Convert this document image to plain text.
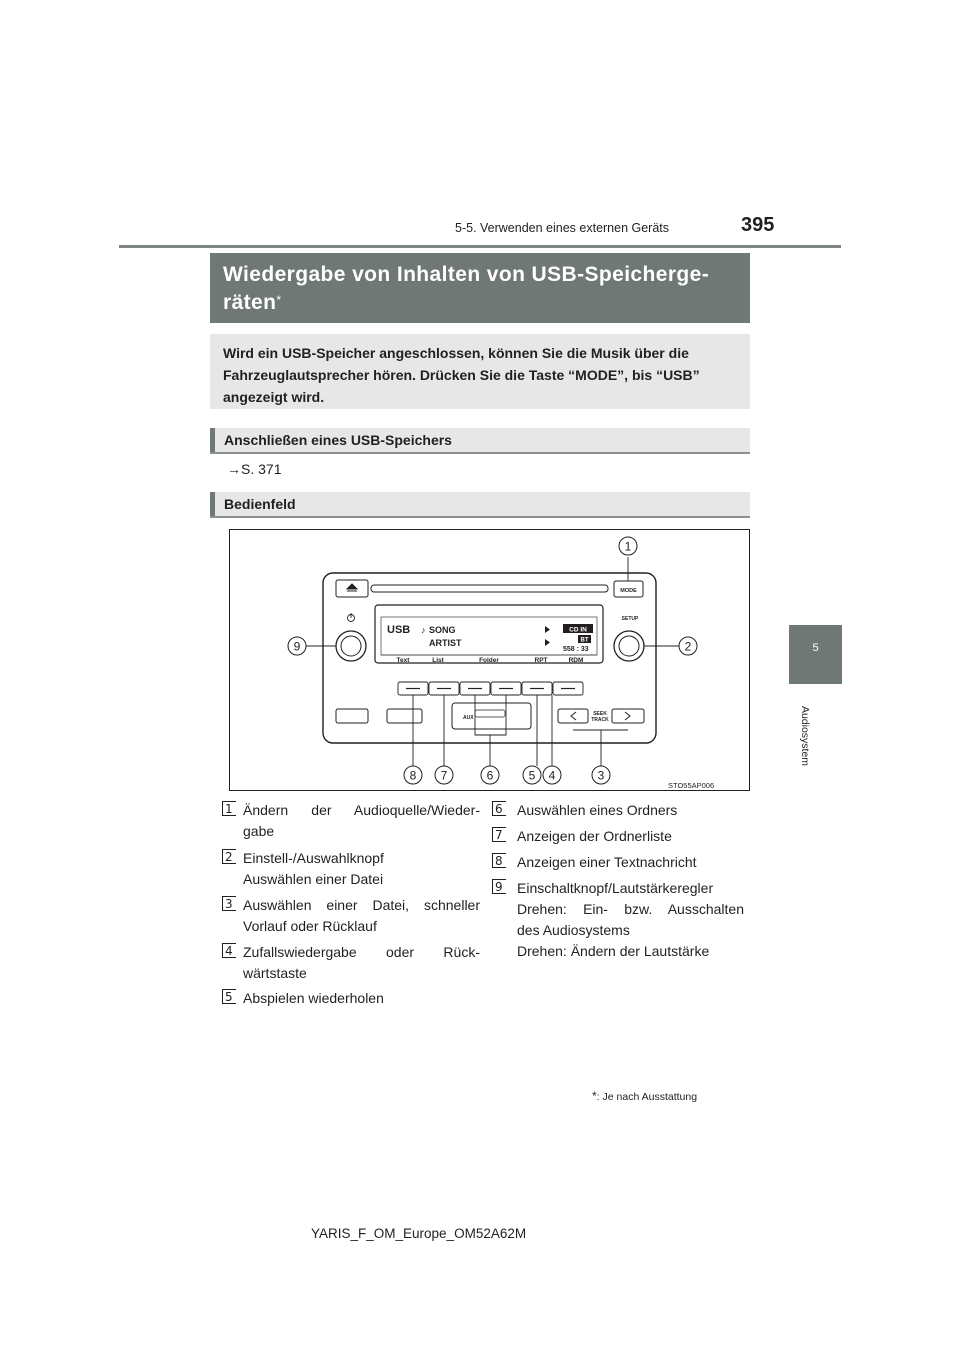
5-5. Verwenden eines externen Geräts	395
5
Audiosystem
Wiedergabe von Inhalten von USB-Speicherge-
räten*
Wird ein USB-Speicher angeschlossen, können Sie die Musik über die Fahrzeuglautsprecher hören. Drücken Sie die Taste “MODE”, bis “USB” angezeigt wird.
Anschließen eines USB-Speichers
→S. 371
Bedienfeld
MODE
SETUP
USB SONG
ARTIST
♪	CD IN
BT
558 : 33
Text	List	Folder	RPT	RDM
AUX
SEEK
TRACK
1
2
3
4
5
6
7
8
9
STO55AP006
1 Ändern der Audioquelle/Wieder-
gabe
2 Einstell-/Auswahlknopf
Auswählen einer Datei
3 Auswählen einer Datei, schneller
Vorlauf oder Rücklauf
4 Zufallswiedergabe oder Rück-
wärtstaste
5 Abspielen wiederholen
6 Auswählen eines Ordners
7 Anzeigen der Ordnerliste
8 Anzeigen einer Textnachricht
9 Einschaltknopf/Lautstärkeregler
Drehen: Ein- bzw. Ausschalten
des Audiosystems
Drehen: Ändern der Lautstärke
*: Je nach Ausstattung
YARIS_F_OM_Europe_OM52A62M
